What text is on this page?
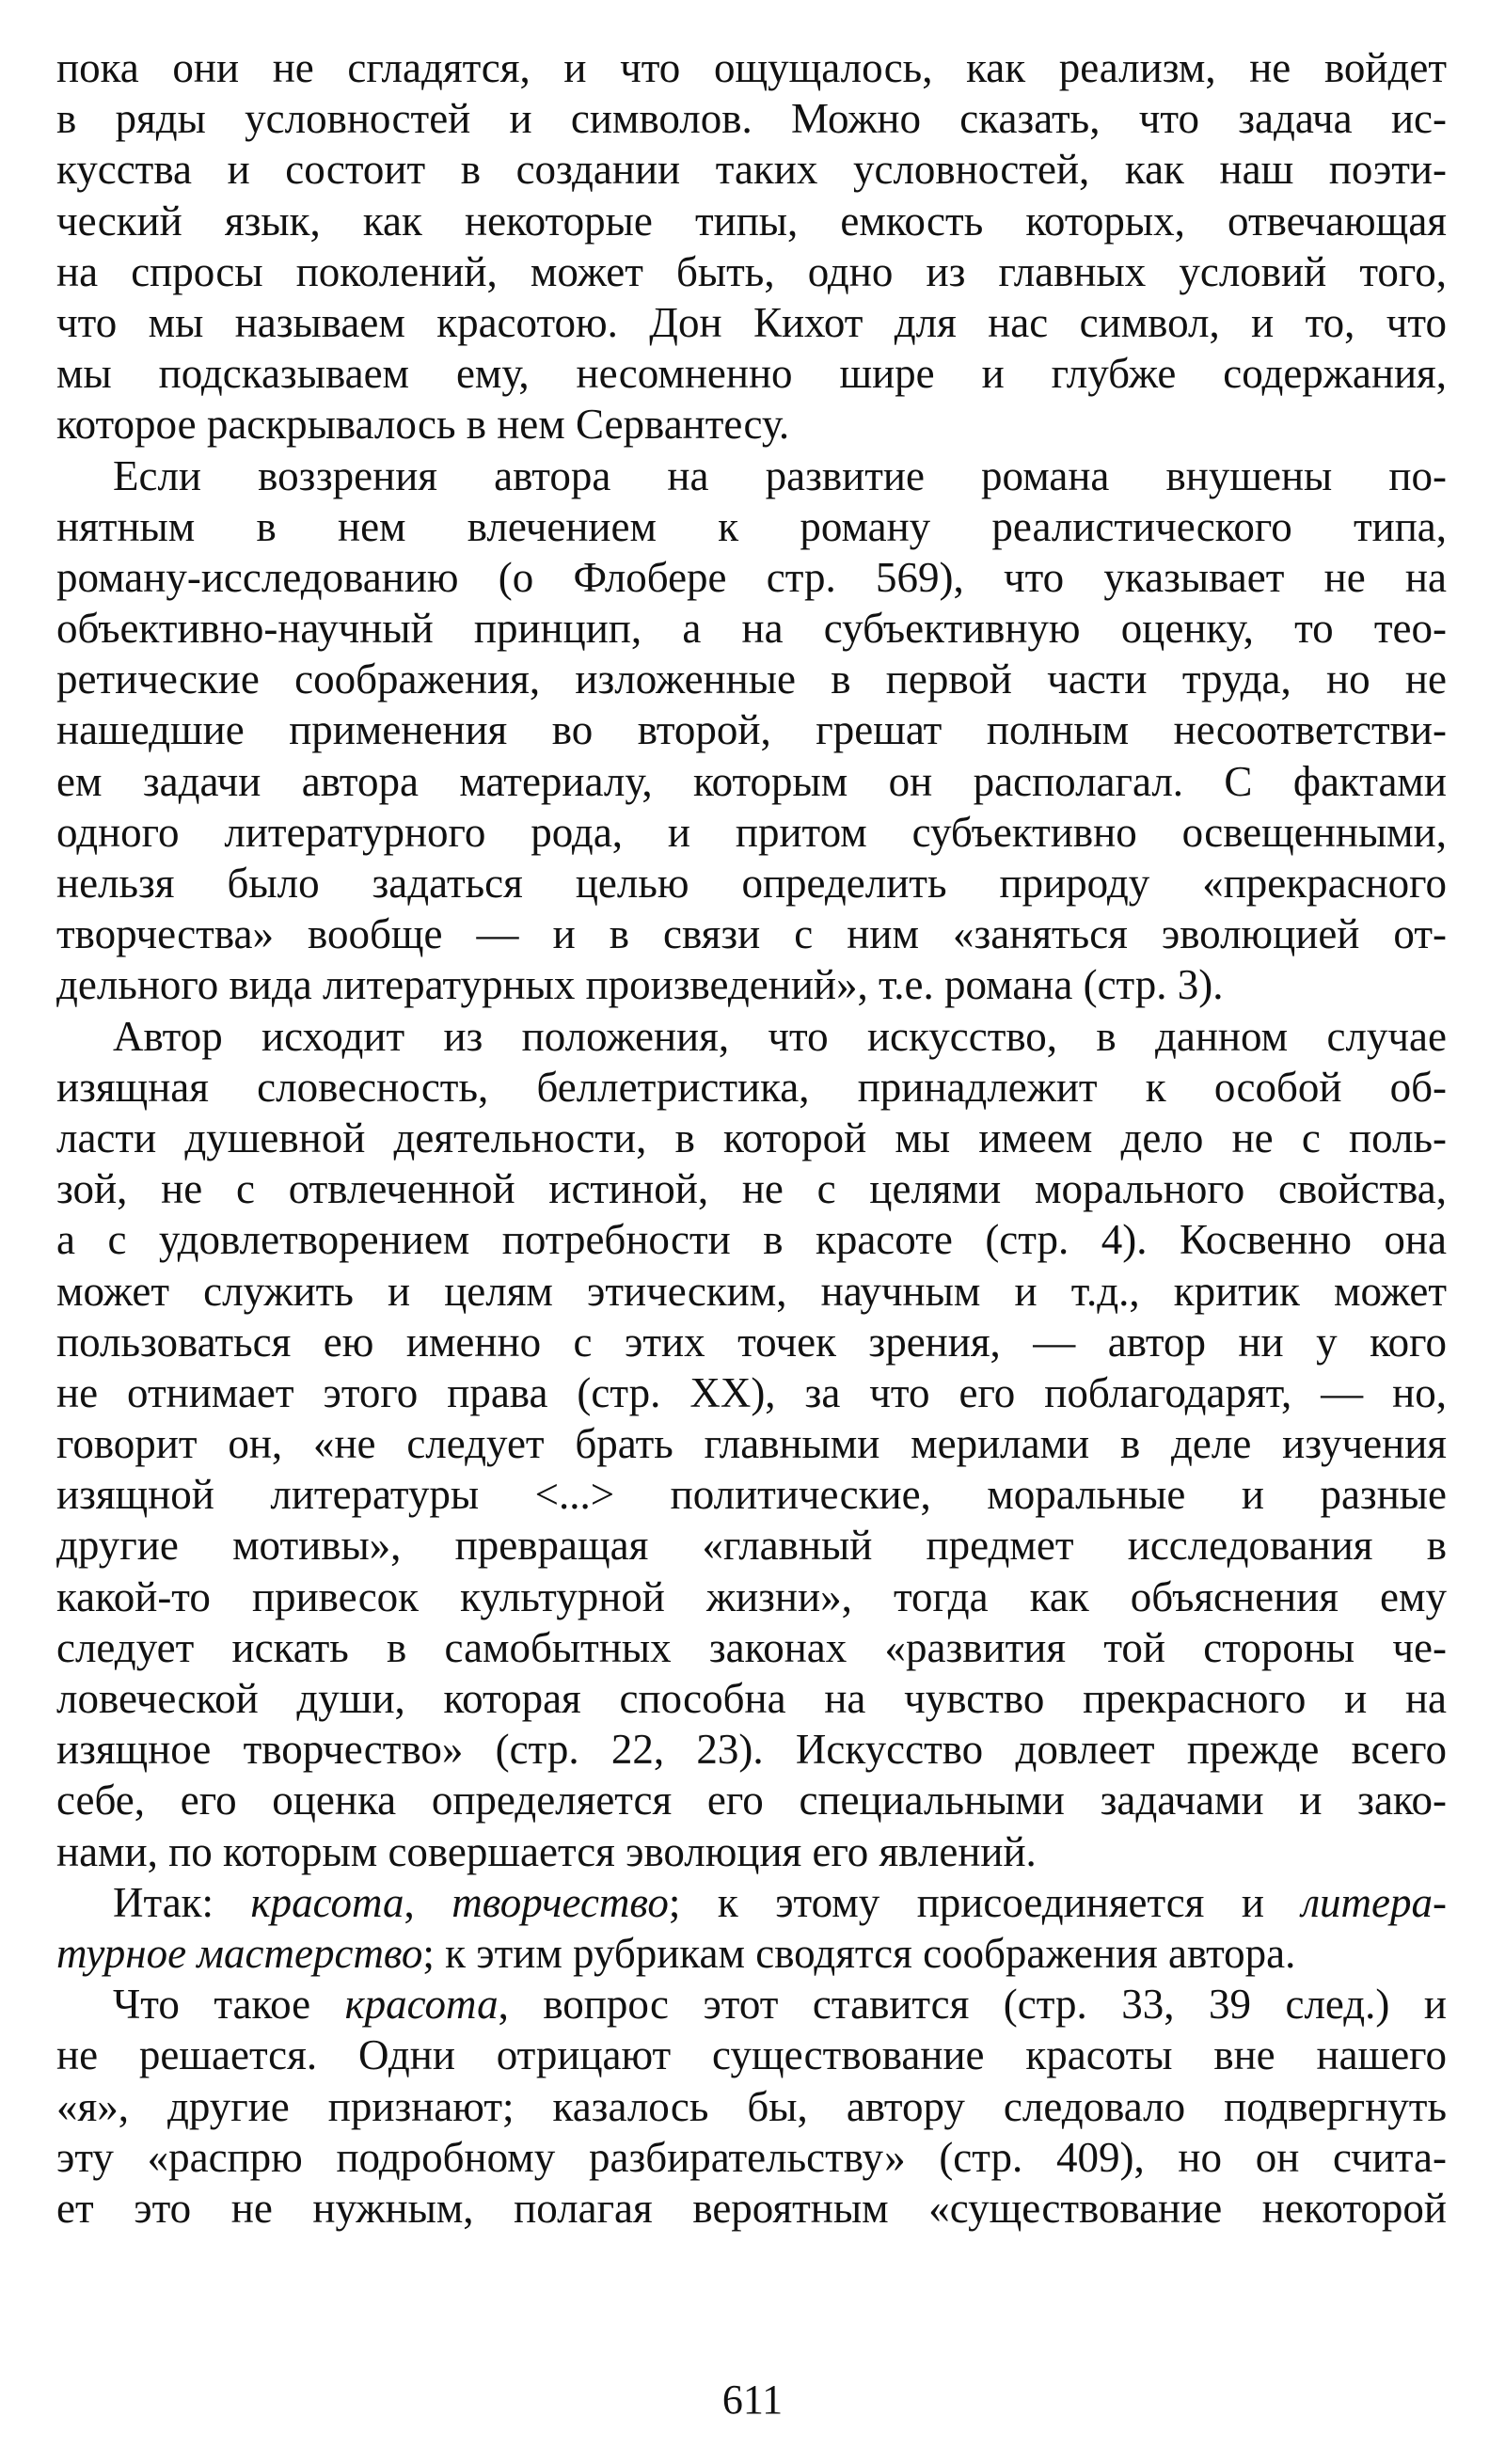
пока они не сгладятся, и что ощущалось, как реализм, не войдет
в ряды условностей и символов. Можно сказать, что задача ис-
кусства и состоит в создании таких условностей, как наш поэти-
ческий язык, как некоторые типы, емкость которых, отвечающая
на спросы поколений, может быть, одно из главных условий того,
что мы называем красотою. Дон Кихот для нас символ, и то, что
мы подсказываем ему, несомненно шире и глубже содержания,
которое раскрывалось в нем Сервантесу.
Если воззрения автора на развитие романа внушены по-
нятным в нем влечением к роману реалистического типа,
роману-исследованию (о Флобере стр. 569), что указывает не на
объективно-научный принцип, а на субъективную оценку, то тео-
ретические соображения, изложенные в первой части труда, но не
нашедшие применения во второй, грешат полным несоответстви-
ем задачи автора материалу, которым он располагал. С фактами
одного литературного рода, и притом субъективно освещенными,
нельзя было задаться целью определить природу «прекрасного
творчества» вообще — и в связи с ним «заняться эволюцией от-
дельного вида литературных произведений», т.е. романа (стр. 3).
Автор исходит из положения, что искусство, в данном случае
изящная словесность, беллетристика, принадлежит к особой об-
ласти душевной деятельности, в которой мы имеем дело не с поль-
зой, не с отвлеченной истиной, не с целями морального свойства,
а с удовлетворением потребности в красоте (стр. 4). Косвенно она
может служить и целям этическим, научным и т.д., критик может
пользоваться ею именно с этих точек зрения, — автор ни у кого
не отнимает этого права (стр. XX), за что его поблагодарят, — но,
говорит он, «не следует брать главными мерилами в деле изучения
изящной литературы <...> политические, моральные и разные
другие мотивы», превращая «главный предмет исследования в
какой-то привесок культурной жизни», тогда как объяснения ему
следует искать в самобытных законах «развития той стороны че-
ловеческой души, которая способна на чувство прекрасного и на
изящное творчество» (стр. 22, 23). Искусство довлеет прежде всего
себе, его оценка определяется его специальными задачами и зако-
нами, по которым совершается эволюция его явлений.
Итак: красота, творчество; к этому присоединяется и литера-
турное мастерство; к этим рубрикам сводятся соображения автора.
Что такое красота, вопрос этот ставится (стр. 33, 39 след.) и
не решается. Одни отрицают существование красоты вне нашего
«я», другие признают; казалось бы, автору следовало подвергнуть
эту «распрю подробному разбирательству» (стр. 409), но он счита-
ет это не нужным, полагая вероятным «существование некоторой
611
